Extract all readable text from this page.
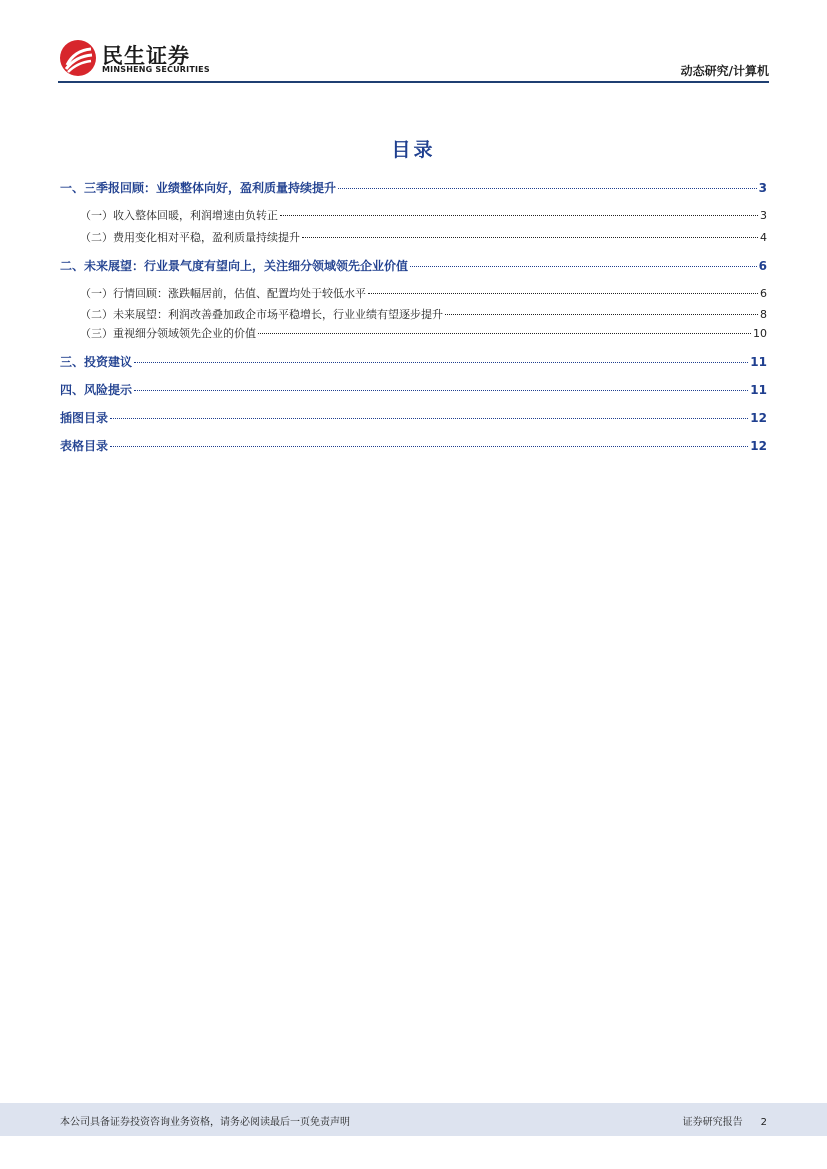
民生证券
MINSHENG SECURITIES	动态研究/计算机
目录
一、三季报回顾：业绩整体向好，盈利质量持续提升	3
（一）收入整体回暖，利润增速由负转正	3
（二）费用变化相对平稳，盈利质量持续提升	4
二、未来展望：行业景气度有望向上，关注细分领域领先企业价值	6
（一）行情回顾：涨跌幅居前，估值、配置均处于较低水平	6
（二）未来展望：利润改善叠加政企市场平稳增长，行业业绩有望逐步提升	8
（三）重视细分领域领先企业的价值	10
三、投资建议	11
四、风险提示	11
插图目录	12
表格目录	12
本公司具备证券投资咨询业务资格，请务必阅读最后一页免责声明	证券研究报告 2
